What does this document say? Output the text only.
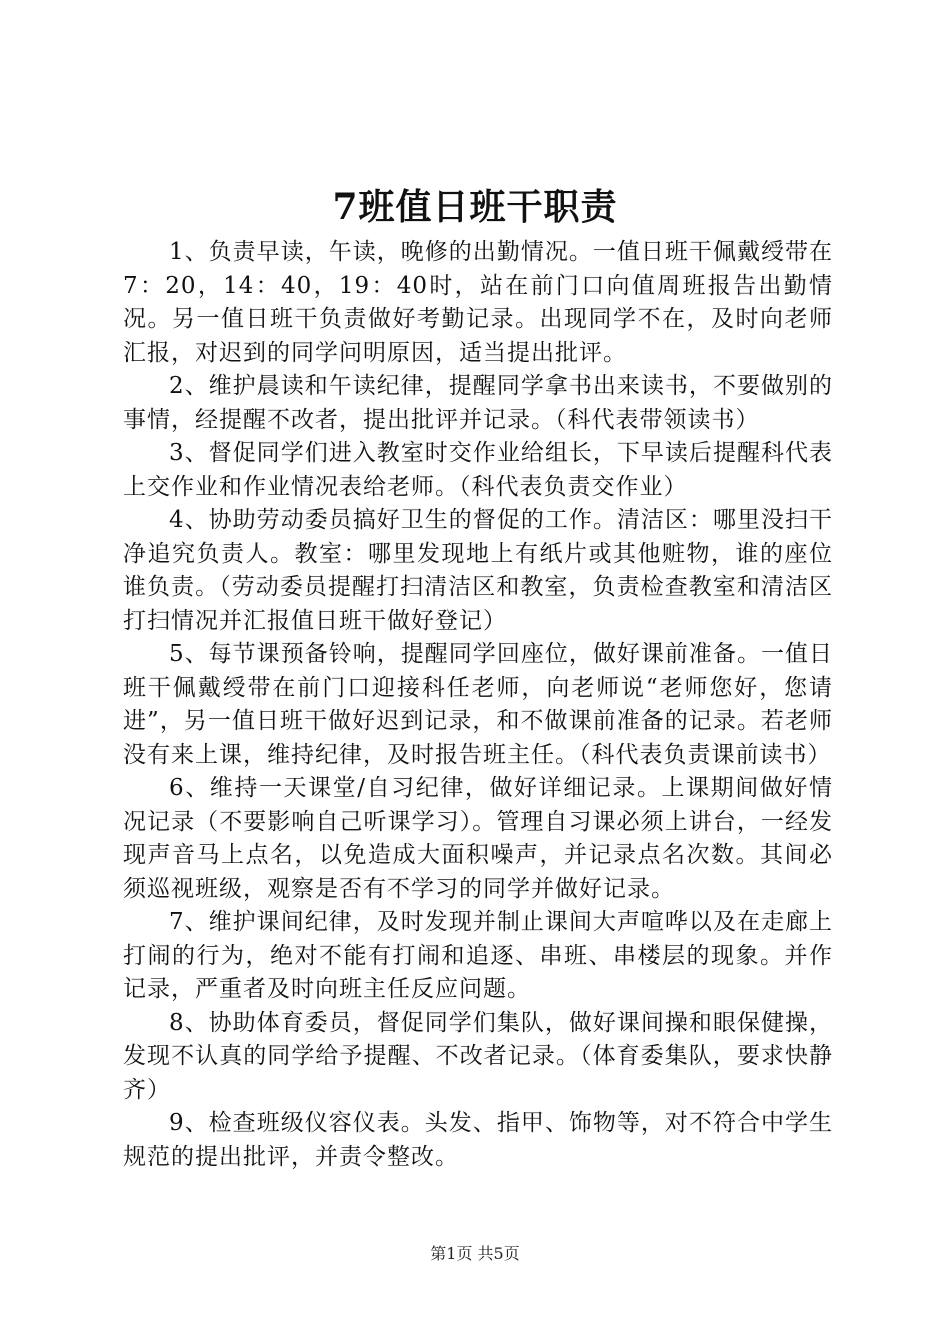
7班值日班干职责

1、负责早读，午读，晚修的出勤情况。一值日班干佩戴绶带在7：20，14：40，19：40时，站在前门口向值周班报告出勤情况。另一值日班干负责做好考勤记录。出现同学不在，及时向老师汇报，对迟到的同学问明原因，适当提出批评。

2、维护晨读和午读纪律，提醒同学拿书出来读书，不要做别的事情，经提醒不改者，提出批评并记录。（科代表带领读书）

3、督促同学们进入教室时交作业给组长，下早读后提醒科代表上交作业和作业情况表给老师。（科代表负责交作业）

4、协助劳动委员搞好卫生的督促的工作。清洁区：哪里没扫干净追究负责人。教室：哪里发现地上有纸片或其他赃物，谁的座位谁负责。（劳动委员提醒打扫清洁区和教室，负责检查教室和清洁区打扫情况并汇报值日班干做好登记）

5、每节课预备铃响，提醒同学回座位，做好课前准备。一值日班干佩戴绶带在前门口迎接科任老师，向老师说“老师您好，您请进”，另一值日班干做好迟到记录，和不做课前准备的记录。若老师没有来上课，维持纪律，及时报告班主任。（科代表负责课前读书）

6、维持一天课堂/自习纪律，做好详细记录。上课期间做好情况记录（不要影响自己听课学习）。管理自习课必须上讲台，一经发现声音马上点名，以免造成大面积噪声，并记录点名次数。其间必须巡视班级，观察是否有不学习的同学并做好记录。

7、维护课间纪律，及时发现并制止课间大声喧哗以及在走廊上打闹的行为，绝对不能有打闹和追逐、串班、串楼层的现象。并作记录，严重者及时向班主任反应问题。

8、协助体育委员，督促同学们集队，做好课间操和眼保健操，发现不认真的同学给予提醒、不改者记录。（体育委集队，要求快静齐）

9、检查班级仪容仪表。头发、指甲、饰物等，对不符合中学生规范的提出批评，并责令整改。

第1页 共5页
